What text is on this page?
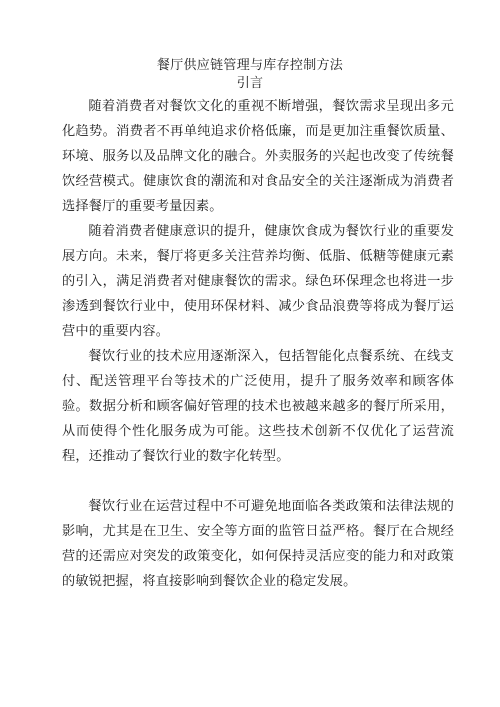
餐厅供应链管理与库存控制方法
引言

随着消费者对餐饮文化的重视不断增强，餐饮需求呈现出多元化趋势。消费者不再单纯追求价格低廉，而是更加注重餐饮质量、环境、服务以及品牌文化的融合。外卖服务的兴起也改变了传统餐饮经营模式。健康饮食的潮流和对食品安全的关注逐渐成为消费者选择餐厅的重要考量因素。

随着消费者健康意识的提升，健康饮食成为餐饮行业的重要发展方向。未来，餐厅将更多关注营养均衡、低脂、低糖等健康元素的引入，满足消费者对健康餐饮的需求。绿色环保理念也将进一步渗透到餐饮行业中，使用环保材料、减少食品浪费等将成为餐厅运营中的重要内容。

餐饮行业的技术应用逐渐深入，包括智能化点餐系统、在线支付、配送管理平台等技术的广泛使用，提升了服务效率和顾客体验。数据分析和顾客偏好管理的技术也被越来越多的餐厅所采用，从而使得个性化服务成为可能。这些技术创新不仅优化了运营流程，还推动了餐饮行业的数字化转型。

餐饮行业在运营过程中不可避免地面临各类政策和法律法规的影响，尤其是在卫生、安全等方面的监管日益严格。餐厅在合规经营的还需应对突发的政策变化，如何保持灵活应变的能力和对政策的敏锐把握，将直接影响到餐饮企业的稳定发展。
